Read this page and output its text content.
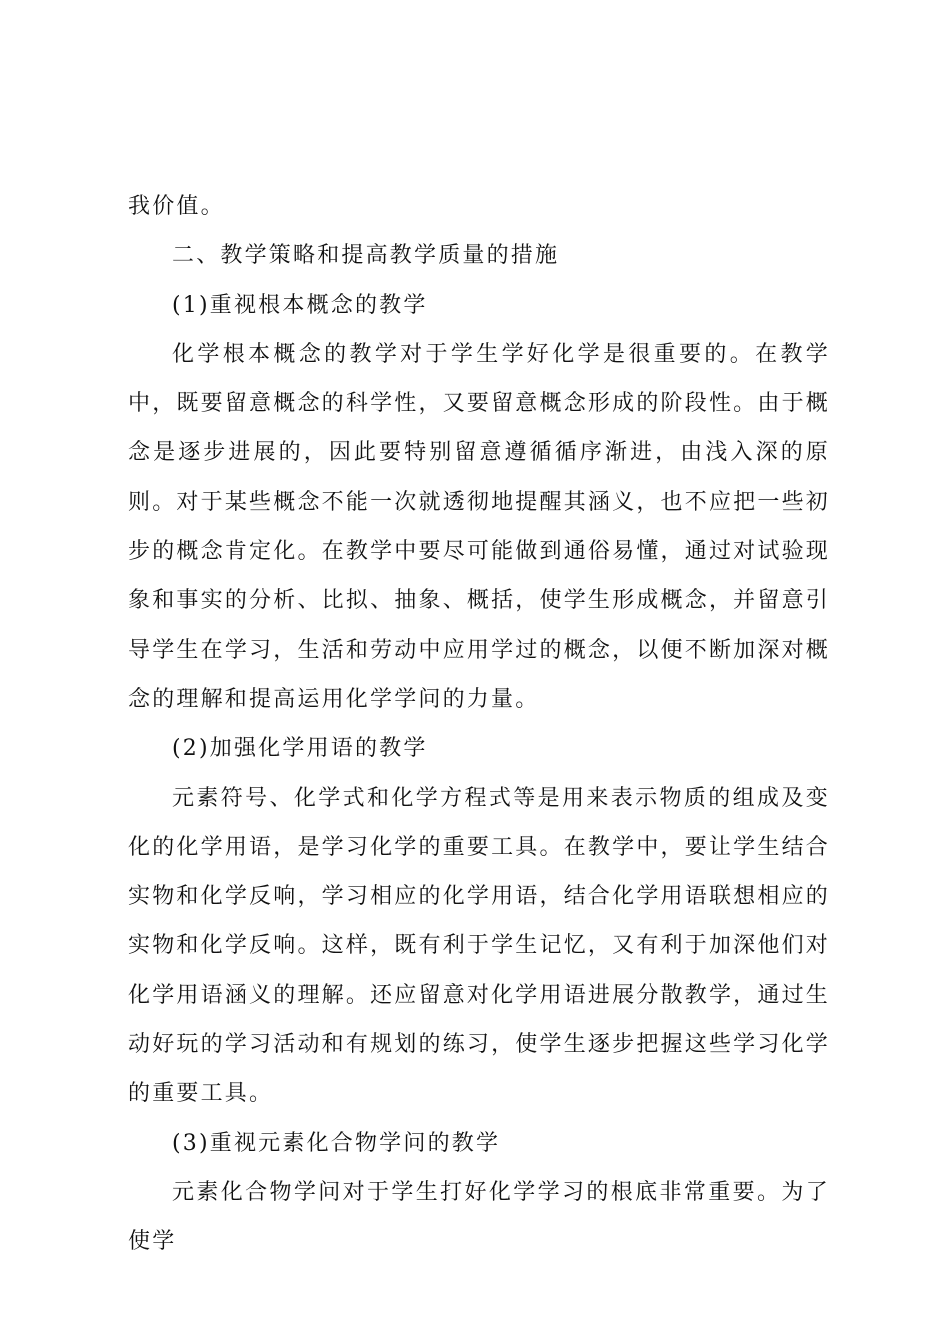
我价值。

二、教学策略和提高教学质量的措施

(1)重视根本概念的教学

化学根本概念的教学对于学生学好化学是很重要的。在教学中，既要留意概念的科学性，又要留意概念形成的阶段性。由于概念是逐步进展的，因此要特别留意遵循循序渐进，由浅入深的原则。对于某些概念不能一次就透彻地提醒其涵义，也不应把一些初步的概念肯定化。在教学中要尽可能做到通俗易懂，通过对试验现象和事实的分析、比拟、抽象、概括，使学生形成概念，并留意引导学生在学习，生活和劳动中应用学过的概念，以便不断加深对概念的理解和提高运用化学学问的力量。

(2)加强化学用语的教学

元素符号、化学式和化学方程式等是用来表示物质的组成及变化的化学用语，是学习化学的重要工具。在教学中，要让学生结合实物和化学反响，学习相应的化学用语，结合化学用语联想相应的实物和化学反响。这样，既有利于学生记忆，又有利于加深他们对化学用语涵义的理解。还应留意对化学用语进展分散教学，通过生动好玩的学习活动和有规划的练习，使学生逐步把握这些学习化学的重要工具。

(3)重视元素化合物学问的教学

元素化合物学问对于学生打好化学学习的根底非常重要。为了使学
